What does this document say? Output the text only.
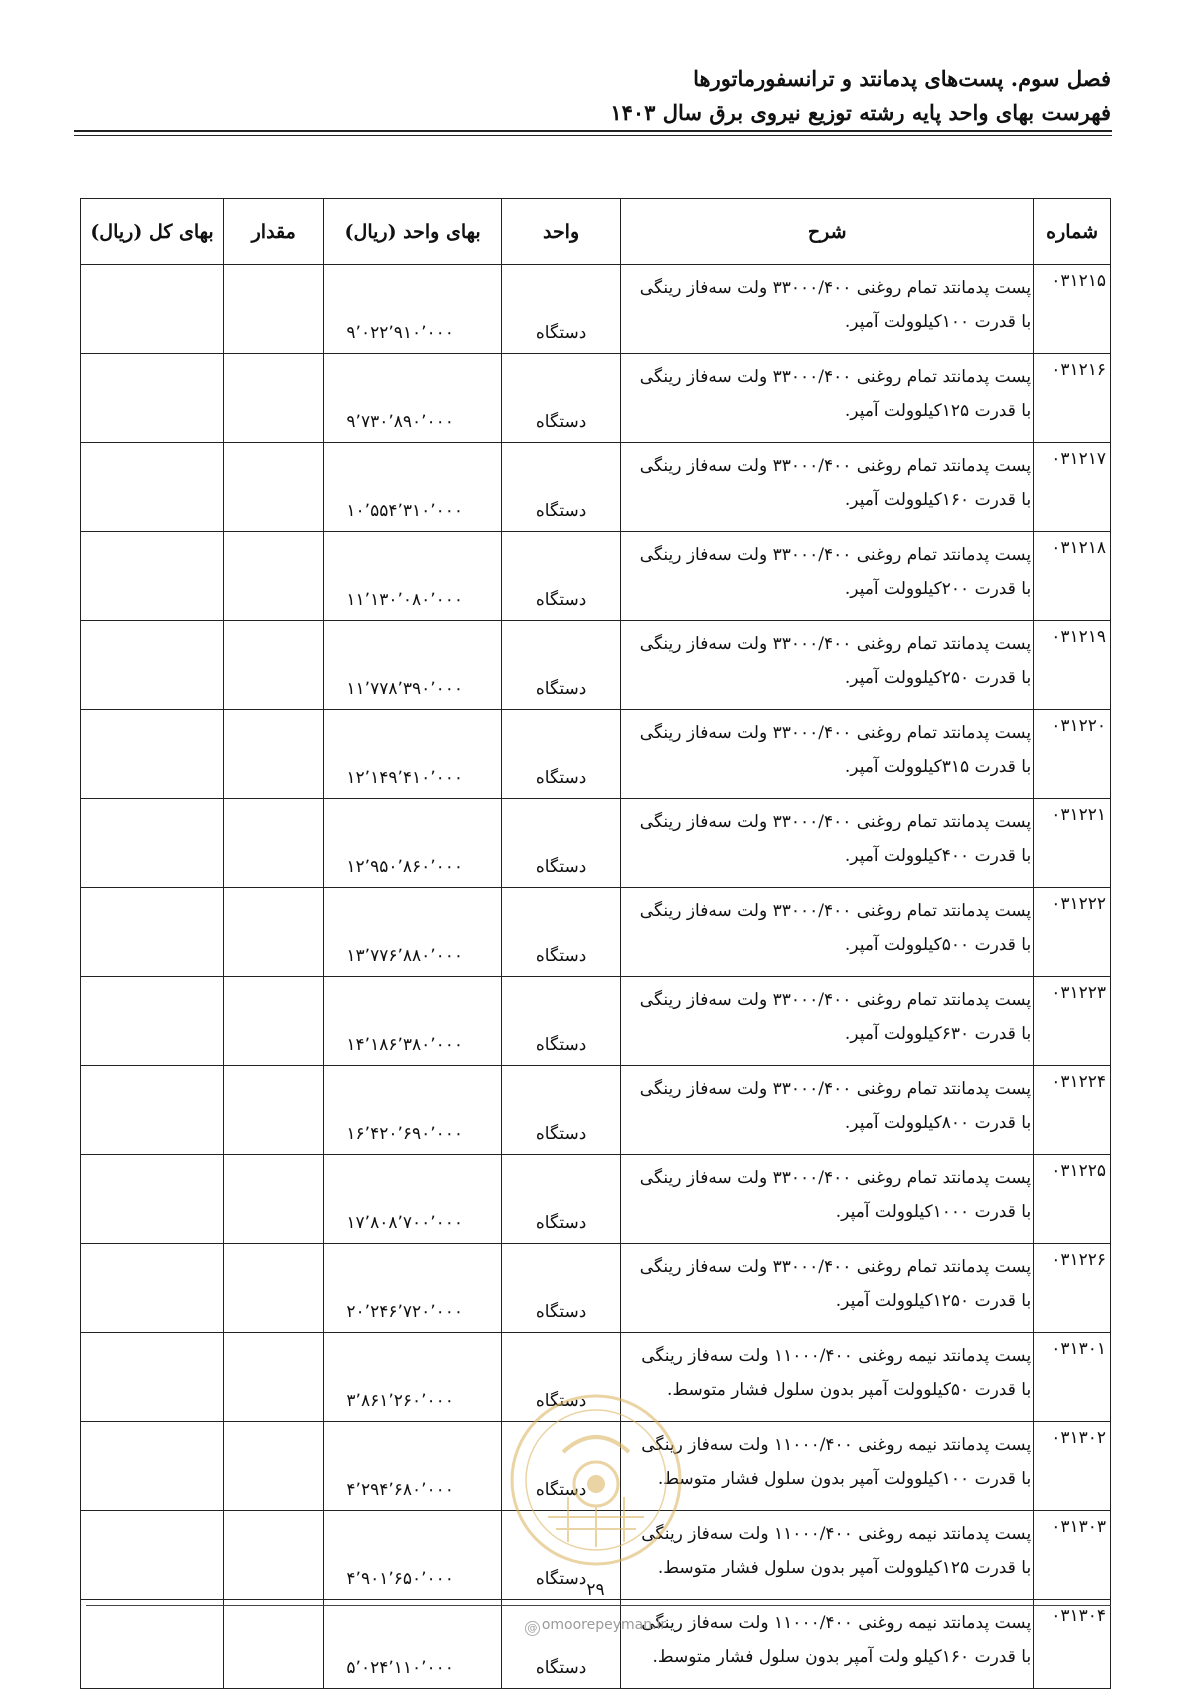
فصل سوم. پست‌های پدمانتد و ترانسفورماتورها
فهرست بهای واحد پایه رشته توزیع نیروی برق سال ۱۴۰۳
شماره	شرح	واحد	بهای واحد (ریال)	مقدار	بهای کل (ریال)
۰۳۱۲۱۵	پست پدمانتد تمام روغنی ۳۳۰۰۰/۴۰۰ ولت سه‌فاز رینگی
با قدرت ۱۰۰کیلوولت آمپر.	دستگاه	۹٬۰۲۲٬۹۱۰٬۰۰۰		
۰۳۱۲۱۶	پست پدمانتد تمام روغنی ۳۳۰۰۰/۴۰۰ ولت سه‌فاز رینگی
با قدرت ۱۲۵کیلوولت آمپر.	دستگاه	۹٬۷۳۰٬۸۹۰٬۰۰۰		
۰۳۱۲۱۷	پست پدمانتد تمام روغنی ۳۳۰۰۰/۴۰۰ ولت سه‌فاز رینگی
با قدرت ۱۶۰کیلوولت آمپر.	دستگاه	۱۰٬۵۵۴٬۳۱۰٬۰۰۰		
۰۳۱۲۱۸	پست پدمانتد تمام روغنی ۳۳۰۰۰/۴۰۰ ولت سه‌فاز رینگی
با قدرت ۲۰۰کیلوولت آمپر.	دستگاه	۱۱٬۱۳۰٬۰۸۰٬۰۰۰		
۰۳۱۲۱۹	پست پدمانتد تمام روغنی ۳۳۰۰۰/۴۰۰ ولت سه‌فاز رینگی
با قدرت ۲۵۰کیلوولت آمپر.	دستگاه	۱۱٬۷۷۸٬۳۹۰٬۰۰۰		
۰۳۱۲۲۰	پست پدمانتد تمام روغنی ۳۳۰۰۰/۴۰۰ ولت سه‌فاز رینگی
با قدرت ۳۱۵کیلوولت آمپر.	دستگاه	۱۲٬۱۴۹٬۴۱۰٬۰۰۰		
۰۳۱۲۲۱	پست پدمانتد تمام روغنی ۳۳۰۰۰/۴۰۰ ولت سه‌فاز رینگی
با قدرت ۴۰۰کیلوولت آمپر.	دستگاه	۱۲٬۹۵۰٬۸۶۰٬۰۰۰		
۰۳۱۲۲۲	پست پدمانتد تمام روغنی ۳۳۰۰۰/۴۰۰ ولت سه‌فاز رینگی
با قدرت ۵۰۰کیلوولت آمپر.	دستگاه	۱۳٬۷۷۶٬۸۸۰٬۰۰۰		
۰۳۱۲۲۳	پست پدمانتد تمام روغنی ۳۳۰۰۰/۴۰۰ ولت سه‌فاز رینگی
با قدرت ۶۳۰کیلوولت آمپر.	دستگاه	۱۴٬۱۸۶٬۳۸۰٬۰۰۰		
۰۳۱۲۲۴	پست پدمانتد تمام روغنی ۳۳۰۰۰/۴۰۰ ولت سه‌فاز رینگی
با قدرت ۸۰۰کیلوولت آمپر.	دستگاه	۱۶٬۴۲۰٬۶۹۰٬۰۰۰		
۰۳۱۲۲۵	پست پدمانتد تمام روغنی ۳۳۰۰۰/۴۰۰ ولت سه‌فاز رینگی
با قدرت ۱۰۰۰کیلوولت آمپر.	دستگاه	۱۷٬۸۰۸٬۷۰۰٬۰۰۰		
۰۳۱۲۲۶	پست پدمانتد تمام روغنی ۳۳۰۰۰/۴۰۰ ولت سه‌فاز رینگی
با قدرت ۱۲۵۰کیلوولت آمپر.	دستگاه	۲۰٬۲۴۶٬۷۲۰٬۰۰۰		
۰۳۱۳۰۱	پست پدمانتد نیمه روغنی ۱۱۰۰۰/۴۰۰ ولت سه‌فاز رینگی
با قدرت ۵۰کیلوولت آمپر بدون سلول فشار متوسط.	دستگاه	۳٬۸۶۱٬۲۶۰٬۰۰۰		
۰۳۱۳۰۲	پست پدمانتد نیمه روغنی ۱۱۰۰۰/۴۰۰ ولت سه‌فاز رینگی
با قدرت ۱۰۰کیلوولت آمپر بدون سلول فشار متوسط.	دستگاه	۴٬۲۹۴٬۶۸۰٬۰۰۰		
۰۳۱۳۰۳	پست پدمانتد نیمه روغنی ۱۱۰۰۰/۴۰۰ ولت سه‌فاز رینگی
با قدرت ۱۲۵کیلوولت آمپر بدون سلول فشار متوسط.	دستگاه	۴٬۹۰۱٬۶۵۰٬۰۰۰		
۰۳۱۳۰۴	پست پدمانتد نیمه روغنی ۱۱۰۰۰/۴۰۰ ولت سه‌فاز رینگی
با قدرت ۱۶۰کیلو ولت آمپر بدون سلول فشار متوسط.	دستگاه	۵٬۰۲۴٬۱۱۰٬۰۰۰		
۲۹
@ omoorepeyman.ir
